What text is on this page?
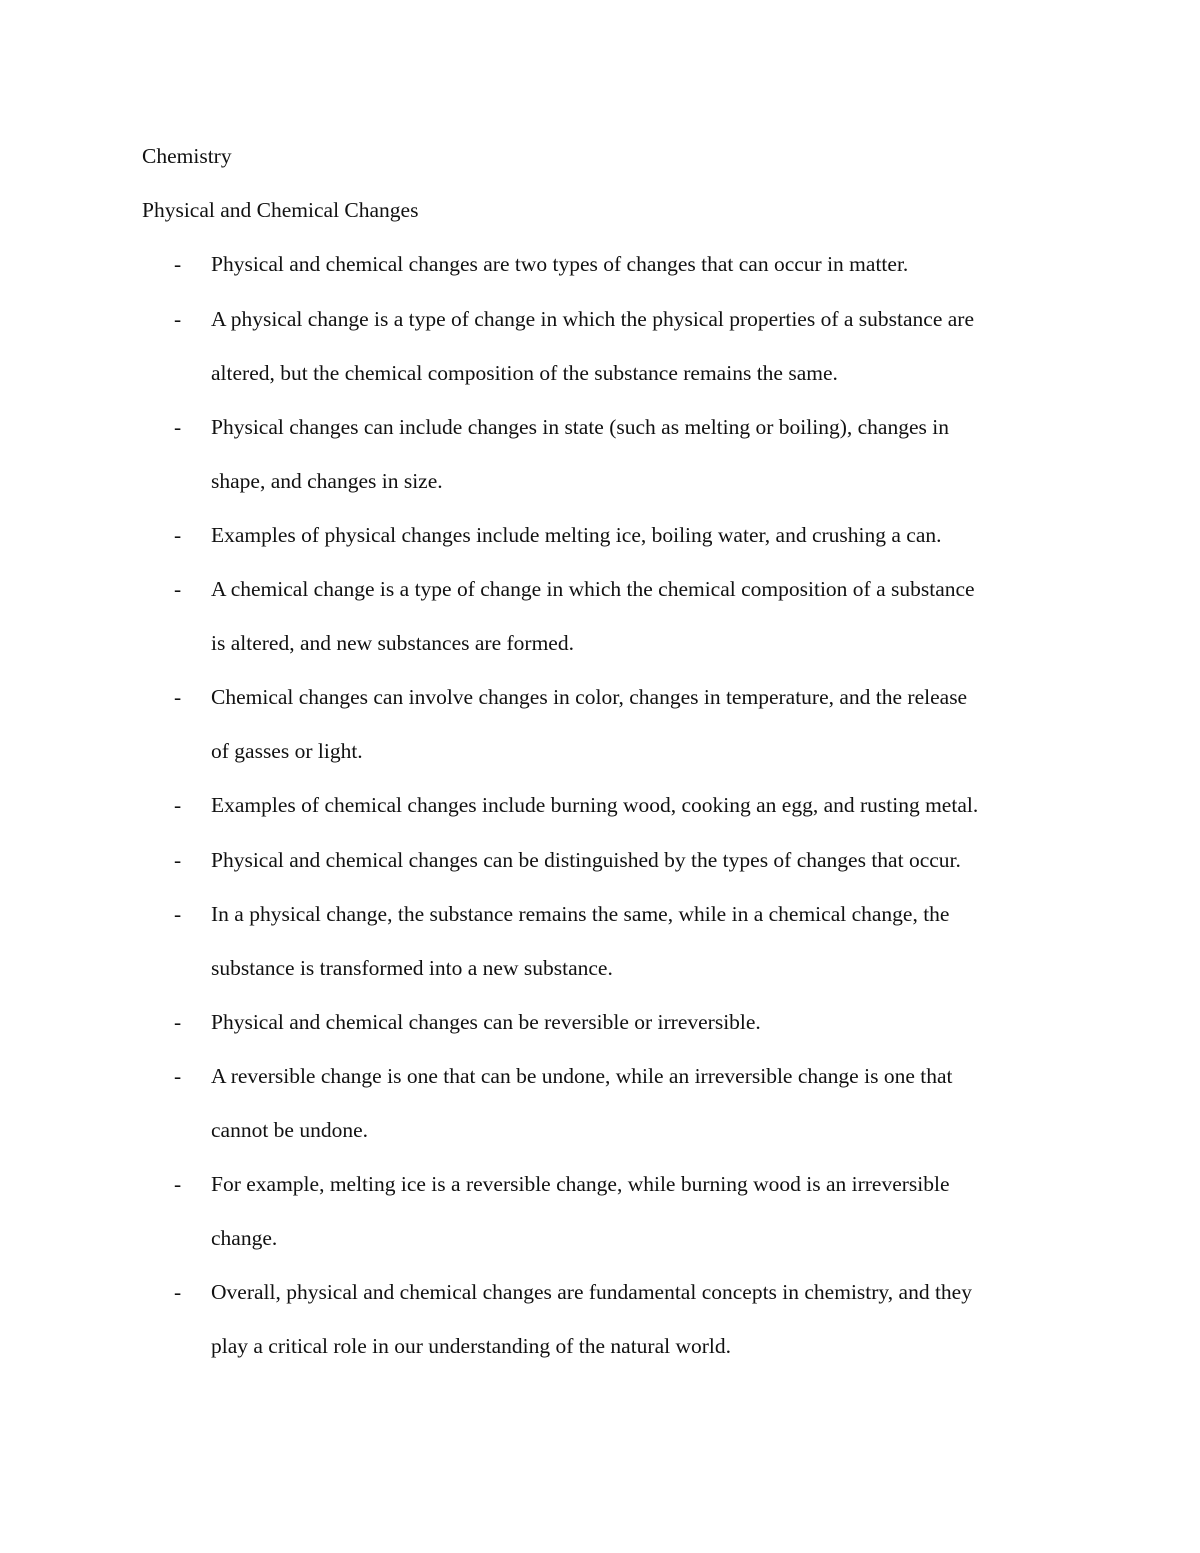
Chemistry
Physical and Chemical Changes
- Physical and chemical changes are two types of changes that can occur in matter.
- A physical change is a type of change in which the physical properties of a substance are
altered, but the chemical composition of the substance remains the same.
- Physical changes can include changes in state (such as melting or boiling), changes in
shape, and changes in size.
- Examples of physical changes include melting ice, boiling water, and crushing a can.
- A chemical change is a type of change in which the chemical composition of a substance
is altered, and new substances are formed.
- Chemical changes can involve changes in color, changes in temperature, and the release
of gasses or light.
- Examples of chemical changes include burning wood, cooking an egg, and rusting metal.
- Physical and chemical changes can be distinguished by the types of changes that occur.
- In a physical change, the substance remains the same, while in a chemical change, the
substance is transformed into a new substance.
- Physical and chemical changes can be reversible or irreversible.
- A reversible change is one that can be undone, while an irreversible change is one that
cannot be undone.
- For example, melting ice is a reversible change, while burning wood is an irreversible
change.
- Overall, physical and chemical changes are fundamental concepts in chemistry, and they
play a critical role in our understanding of the natural world.
